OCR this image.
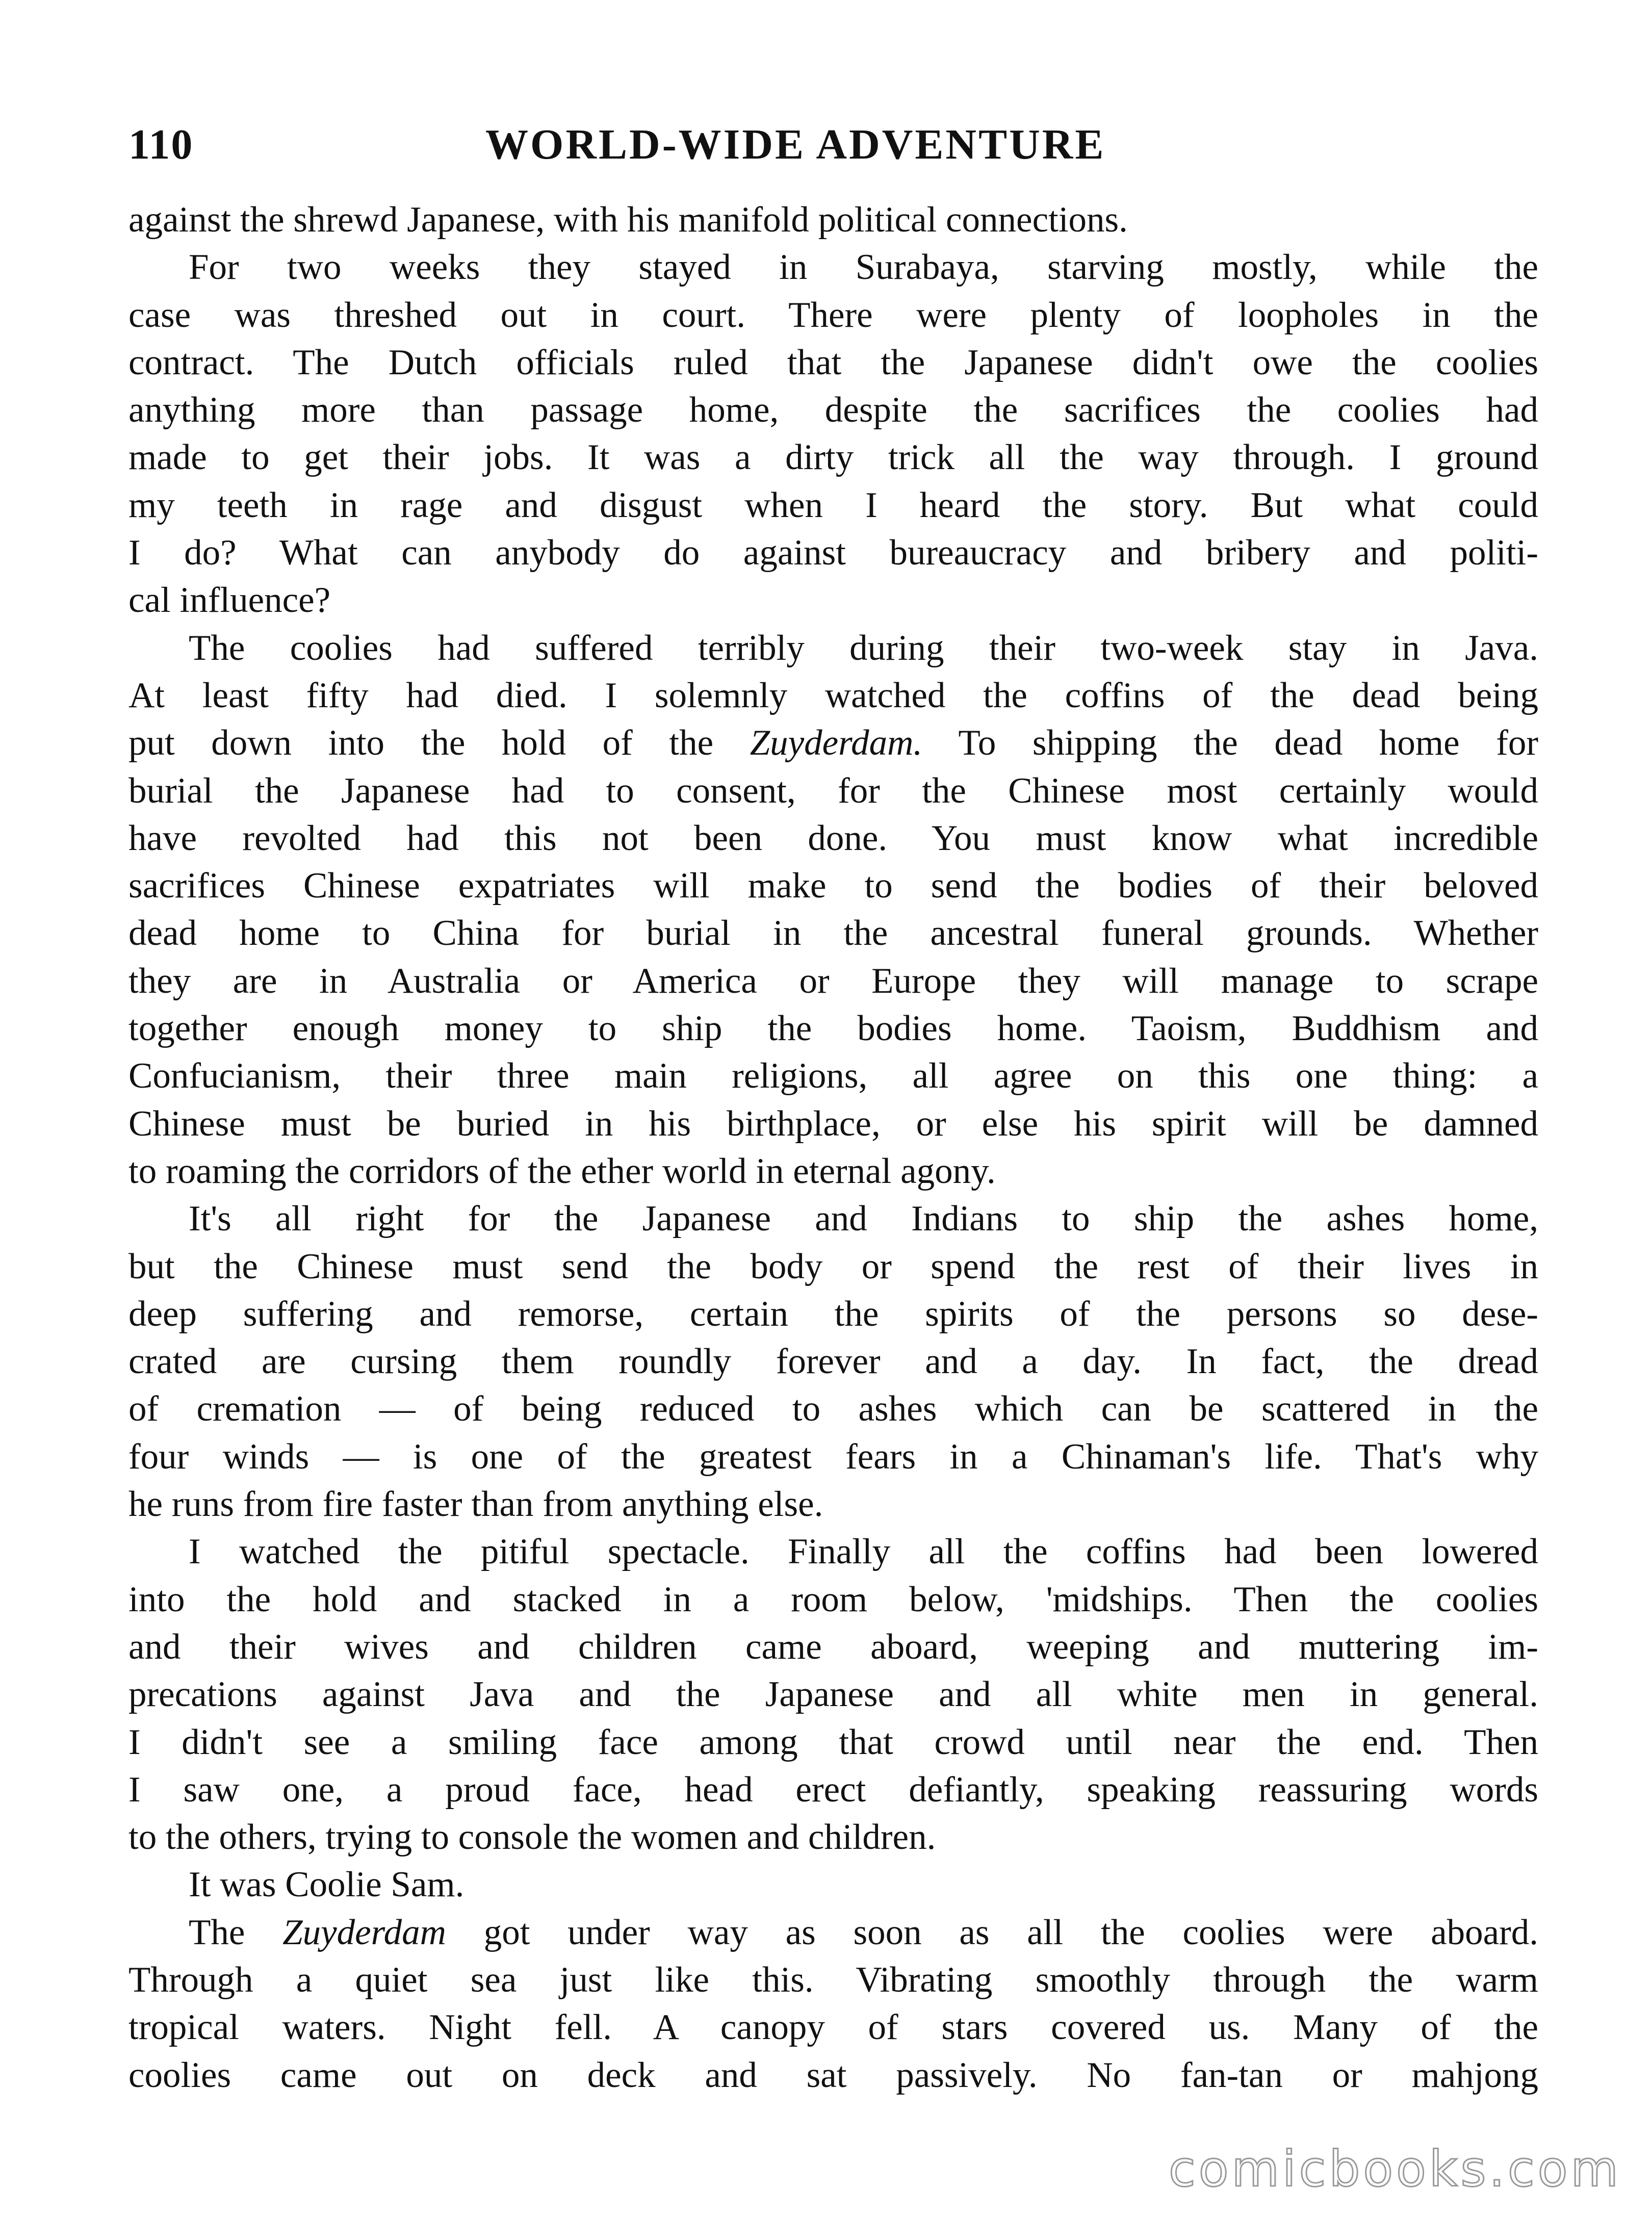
110	WORLD-WIDE ADVENTURE

against the shrewd Japanese, with his manifold political connections.

For two weeks they stayed in Surabaya, starving mostly, while the

case was threshed out in court. There were plenty of loopholes in the

contract. The Dutch officials ruled that the Japanese didn't owe the coolies

anything more than passage home, despite the sacrifices the coolies had

made to get their jobs. It was a dirty trick all the way through. I ground

my teeth in rage and disgust when I heard the story. But what could

I do? What can anybody do against bureaucracy and bribery and politi-

cal influence?

The coolies had suffered terribly during their two-week stay in Java.

At least fifty had died. I solemnly watched the coffins of the dead being

put down into the hold of the Zuyderdam. To shipping the dead home for

burial the Japanese had to consent, for the Chinese most certainly would

have revolted had this not been done. You must know what incredible

sacrifices Chinese expatriates will make to send the bodies of their beloved

dead home to China for burial in the ancestral funeral grounds. Whether

they are in Australia or America or Europe they will manage to scrape

together enough money to ship the bodies home. Taoism, Buddhism and

Confucianism, their three main religions, all agree on this one thing: a

Chinese must be buried in his birthplace, or else his spirit will be damned

to roaming the corridors of the ether world in eternal agony.

It's all right for the Japanese and Indians to ship the ashes home,

but the Chinese must send the body or spend the rest of their lives in

deep suffering and remorse, certain the spirits of the persons so dese-

crated are cursing them roundly forever and a day. In fact, the dread

of cremation — of being reduced to ashes which can be scattered in the

four winds — is one of the greatest fears in a Chinaman's life. That's why

he runs from fire faster than from anything else.

I watched the pitiful spectacle. Finally all the coffins had been lowered

into the hold and stacked in a room below, 'midships. Then the coolies

and their wives and children came aboard, weeping and muttering im-

precations against Java and the Japanese and all white men in general.

I didn't see a smiling face among that crowd until near the end. Then

I saw one, a proud face, head erect defiantly, speaking reassuring words

to the others, trying to console the women and children.

It was Coolie Sam.

The Zuyderdam got under way as soon as all the coolies were aboard.

Through a quiet sea just like this. Vibrating smoothly through the warm

tropical waters. Night fell. A canopy of stars covered us. Many of the

coolies came out on deck and sat passively. No fan-tan or mahjong

comicbooks.com
